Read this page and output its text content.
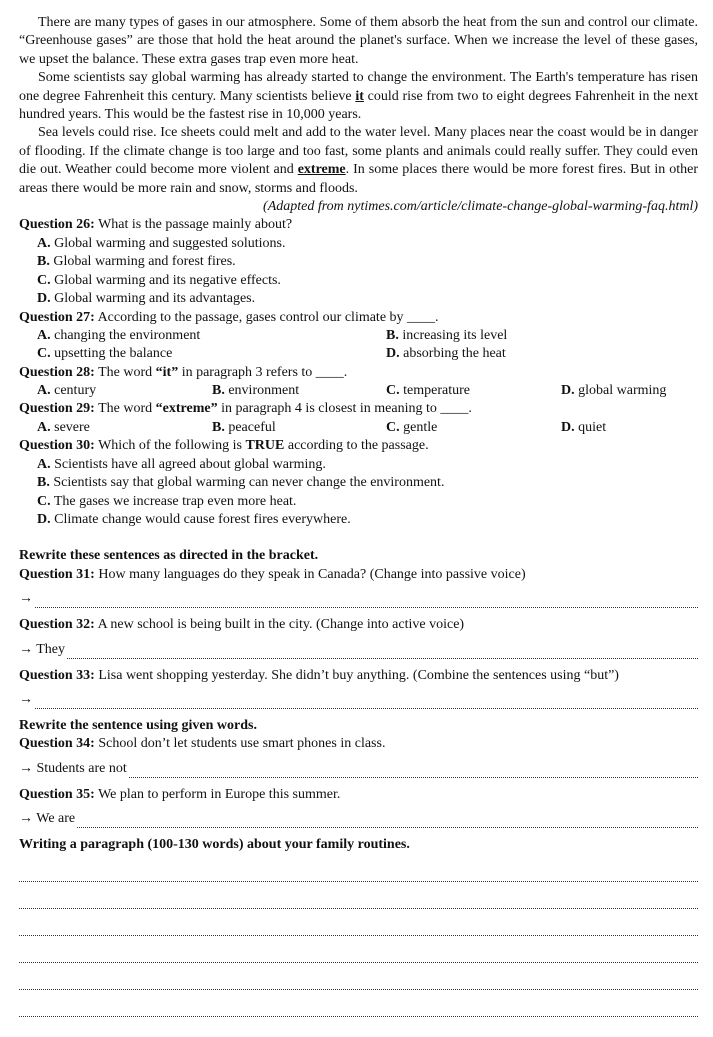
There are many types of gases in our atmosphere. Some of them absorb the heat from the sun and control our climate. “Greenhouse gases” are those that hold the heat around the planet's surface. When we increase the level of these gases, we upset the balance. These extra gases trap even more heat.

Some scientists say global warming has already started to change the environment. The Earth's temperature has risen one degree Fahrenheit this century. Many scientists believe it could rise from two to eight degrees Fahrenheit in the next hundred years. This would be the fastest rise in 10,000 years.

Sea levels could rise. Ice sheets could melt and add to the water level. Many places near the coast would be in danger of flooding. If the climate change is too large and too fast, some plants and animals could really suffer. They could even die out. Weather could become more violent and extreme. In some places there would be more forest fires. But in other areas there would be more rain and snow, storms and floods.

(Adapted from nytimes.com/article/climate-change-global-warming-faq.html)

Question 26: What is the passage mainly about?

A. Global warming and suggested solutions.

B. Global warming and forest fires.

C. Global warming and its negative effects.

D. Global warming and its advantages.

Question 27: According to the passage, gases control our climate by ____.

A. changing the environment	B. increasing its level
C. upsetting the balance	D. absorbing the heat

Question 28: The word “it” in paragraph 3 refers to ____.

A. century	B. environment	C. temperature	D. global warming

Question 29: The word “extreme” in paragraph 4 is closest in meaning to ____.

A. severe	B. peaceful	C. gentle	D. quiet

Question 30: Which of the following is TRUE according to the passage.

A. Scientists have all agreed about global warming.

B. Scientists say that global warming can never change the environment.

C. The gases we increase trap even more heat.

D. Climate change would cause forest fires everywhere.

Rewrite these sentences as directed in the bracket.

Question 31: How many languages do they speak in Canada? (Change into passive voice)

→

Question 32: A new school is being built in the city. (Change into active voice)

→ They

Question 33: Lisa went shopping yesterday. She didn’t buy anything. (Combine the sentences using “but”)

→

Rewrite the sentence using given words.

Question 34: School don’t let students use smart phones in class.

→ Students are not

Question 35: We plan to perform in Europe this summer.

→ We are

Writing a paragraph (100-130 words) about your family routines.
